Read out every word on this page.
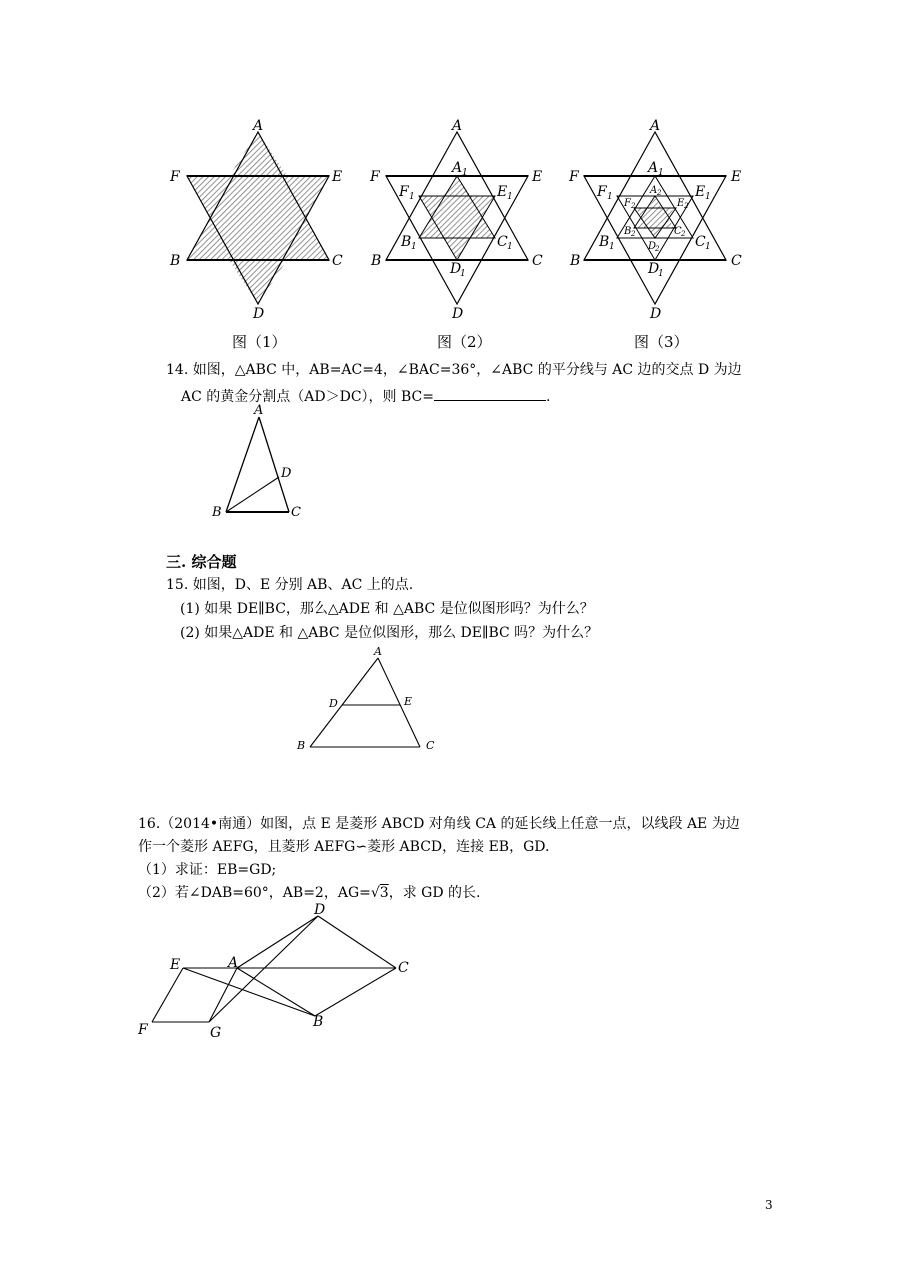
A
F	E
B	C
D
A
F	E
B	C
D
A 1
F 1	E 1
B 1	C 1
D
1
A
F	E
B	C
D
A 1
F 1	E 1
B 1	C 1
D
1
A 2
F 2	E 2
B 2	C 2
D
2
图（1）	图（2）	图（3）
14. 如图，△ABC 中，AB=AC=4，∠BAC=36°，∠ABC 的平分线与 AC 边的交点 D 为边
AC 的黄金分割点（AD＞DC），则 BC=	.
A
D
B	C
三. 综合题
15. 如图，D、E 分别 AB、AC 上的点.
(1) 如果 DE∥BC，那么△ADE 和 △ABC 是位似图形吗？为什么？
(2) 如果△ADE 和 △ABC 是位似图形，那么 DE∥BC 吗？为什么？
A
D	E
B	C
16.（2014•南通）如图，点 E 是菱形 ABCD 对角线 CA 的延长线上任意一点，以线段 AE 为边
作一个菱形 AEFG，且菱形 AEFG∽菱形 ABCD，连接 EB，GD.
（1）求证：EB=GD;
（2）若∠DAB=60°，AB=2，AG=√3，求 GD 的长.
D
E	A	C
F	G
B
3
